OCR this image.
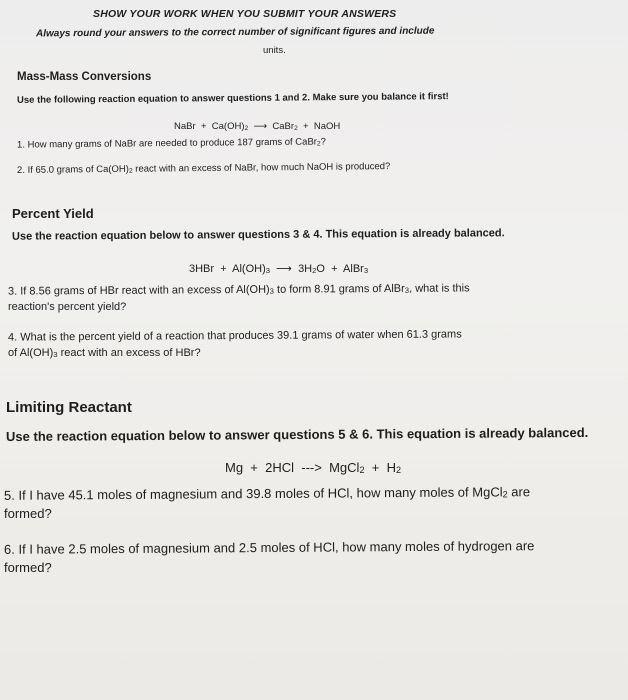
SHOW YOUR WORK WHEN YOU SUBMIT YOUR ANSWERS
Always round your answers to the correct number of significant figures and include
units.
Mass-Mass Conversions
Use the following reaction equation to answer questions 1 and 2. Make sure you balance it first!
NaBr + $Ca(OH)_2$ ⟶ CaBr$_2$ + NaOH
1. How many grams of NaBr are needed to produce 187 grams of CaBr$_2$?
2. If 65.0 grams of $Ca(OH)_2$ react with an excess of NaBr, how much NaOH is produced?
Percent Yield
Use the reaction equation below to answer questions 3 & 4. This equation is already balanced.
$3HBr + Al(OH)_3$ ⟶ $3H_2O$ + AlBr$_3$
3. If 8.56 grams of HBr react with an excess of $Al(OH)_3$ to form 8.91 grams of AlBr$_3$, what is this
reaction's percent yield?
4. What is the percent yield of a reaction that produces 39.1 grams of water when 61.3 grams
of $Al(OH)_3$ react with an excess of HBr?
Limiting Reactant
Use the reaction equation below to answer questions 5 & 6. This equation is already balanced.
Mg + 2HCl ---> MgCl$_2$ + $H_2$
5. If I have 45.1 moles of magnesium and 39.8 moles of HCl, how many moles of MgCl$_2$ are
formed?
6. If I have 2.5 moles of magnesium and 2.5 moles of HCl, how many moles of hydrogen are
formed?
